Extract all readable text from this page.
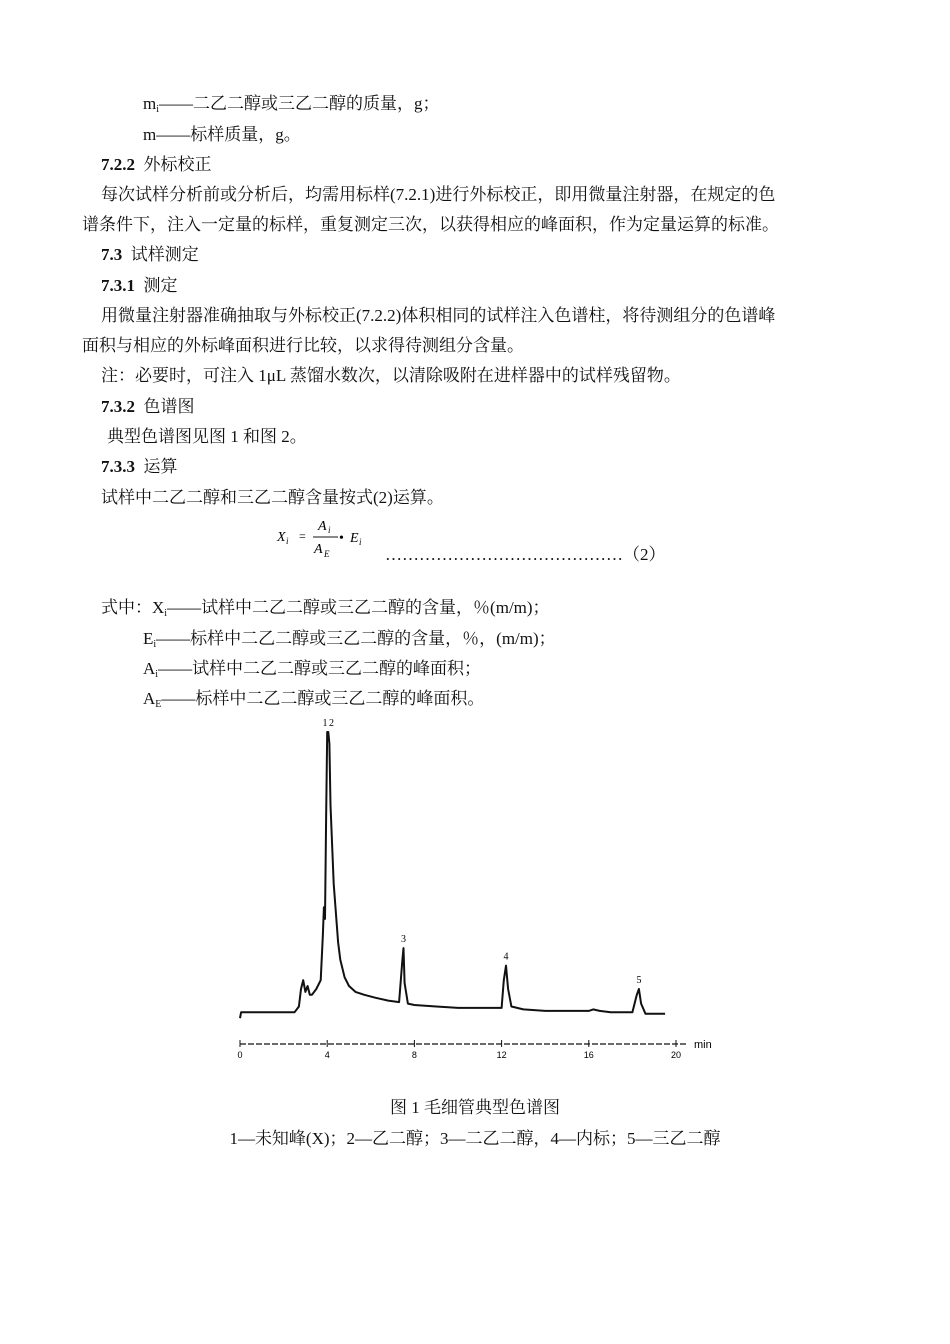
$m_i——$二乙二醇或三乙二醇的质量，g；
m——标样质量，g。
7.2.2 外标校正
每次试样分析前或分析后，均需用标样(7.2.1)进行外标校正，即用微量注射器，在规定的色
谱条件下，注入一定量的标样，重复测定三次，以获得相应的峰面积，作为定量运算的标准。
7.3 试样测定
7.3.1 测定
用微量注射器准确抽取与外标校正(7.2.2)体积相同的试样注入色谱柱，将待测组分的色谱峰
面积与相应的外标峰面积进行比较，以求得待测组分含量。
注：必要时，可注入 1μL 蒸馏水数次，以清除吸附在进样器中的试样残留物。
7.3.2 色谱图
典型色谱图见图 1 和图 2。
7.3.3 运算
试样中二乙二醇和三乙二醇含量按式(2)运算。
X i =
A i
A E
• E i
……………………………………（2）
式中：$X_i——$试样中二乙二醇或三乙二醇的含量，％(m/m)；
$E_i——$标样中二乙二醇或三乙二醇的含量，％，(m/m)；
$A_i——$试样中二乙二醇或三乙二醇的峰面积；
$A_E——$标样中二乙二醇或三乙二醇的峰面积。
0	4	8	12	16	20
min
1 2
3
4
5
图 1 毛细管典型色谱图
1—未知峰(X)；2—乙二醇；3—二乙二醇，4—内标；5—三乙二醇
